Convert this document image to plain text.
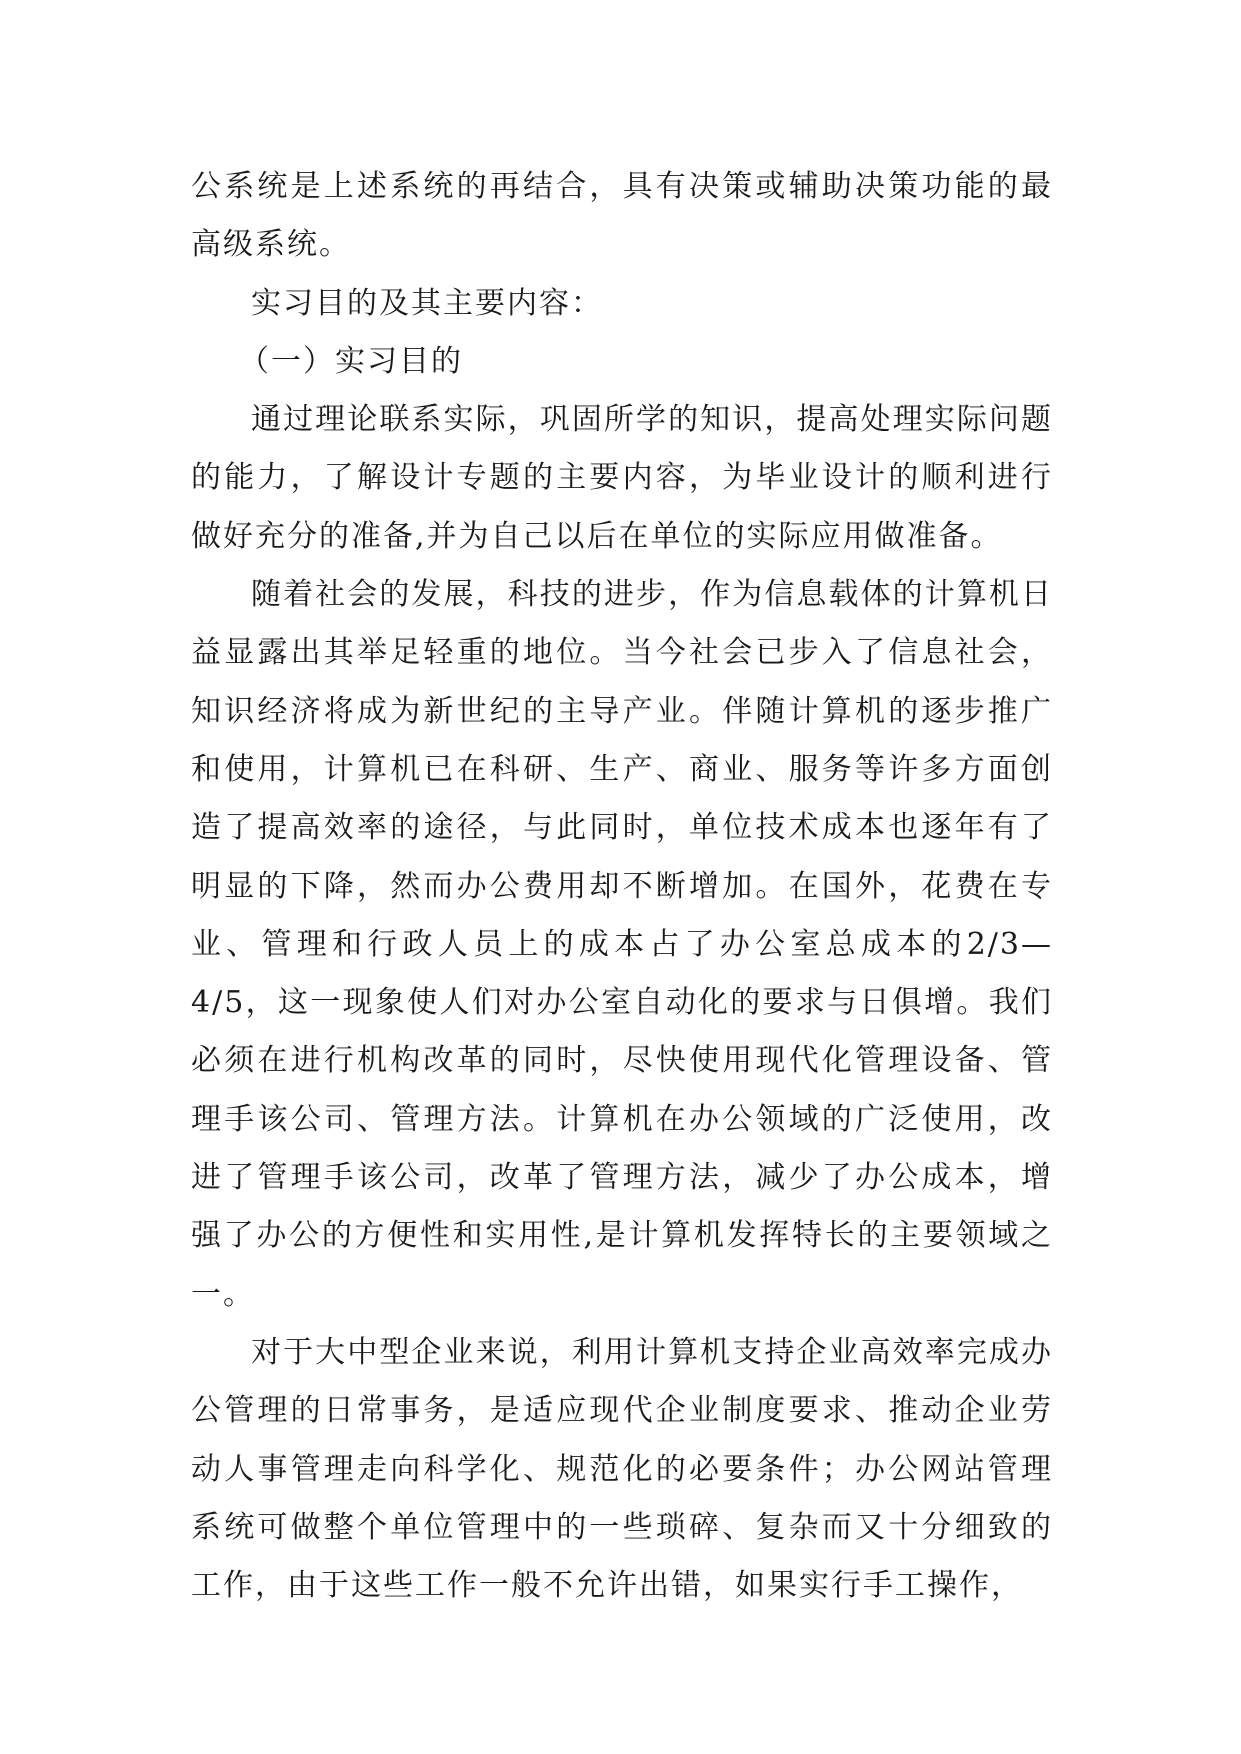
公系统是上述系统的再结合，具有决策或辅助决策功能的最高级系统。

实习目的及其主要内容：

（一）实习目的

通过理论联系实际，巩固所学的知识，提高处理实际问题的能力，了解设计专题的主要内容，为毕业设计的顺利进行做好充分的准备,并为自己以后在单位的实际应用做准备。

随着社会的发展，科技的进步，作为信息载体的计算机日益显露出其举足轻重的地位。当今社会已步入了信息社会，知识经济将成为新世纪的主导产业。伴随计算机的逐步推广和使用，计算机已在科研、生产、商业、服务等许多方面创造了提高效率的途径，与此同时，单位技术成本也逐年有了明显的下降，然而办公费用却不断增加。在国外，花费在专业、管理和行政人员上的成本占了办公室总成本的2/3—4/5，这一现象使人们对办公室自动化的要求与日俱增。我们必须在进行机构改革的同时，尽快使用现代化管理设备、管理手该公司、管理方法。计算机在办公领域的广泛使用，改进了管理手该公司，改革了管理方法，减少了办公成本，增强了办公的方便性和实用性,是计算机发挥特长的主要领域之一。

对于大中型企业来说，利用计算机支持企业高效率完成办公管理的日常事务，是适应现代企业制度要求、推动企业劳动人事管理走向科学化、规范化的必要条件；办公网站管理系统可做整个单位管理中的一些琐碎、复杂而又十分细致的工作，由于这些工作一般不允许出错，如果实行手工操作，
